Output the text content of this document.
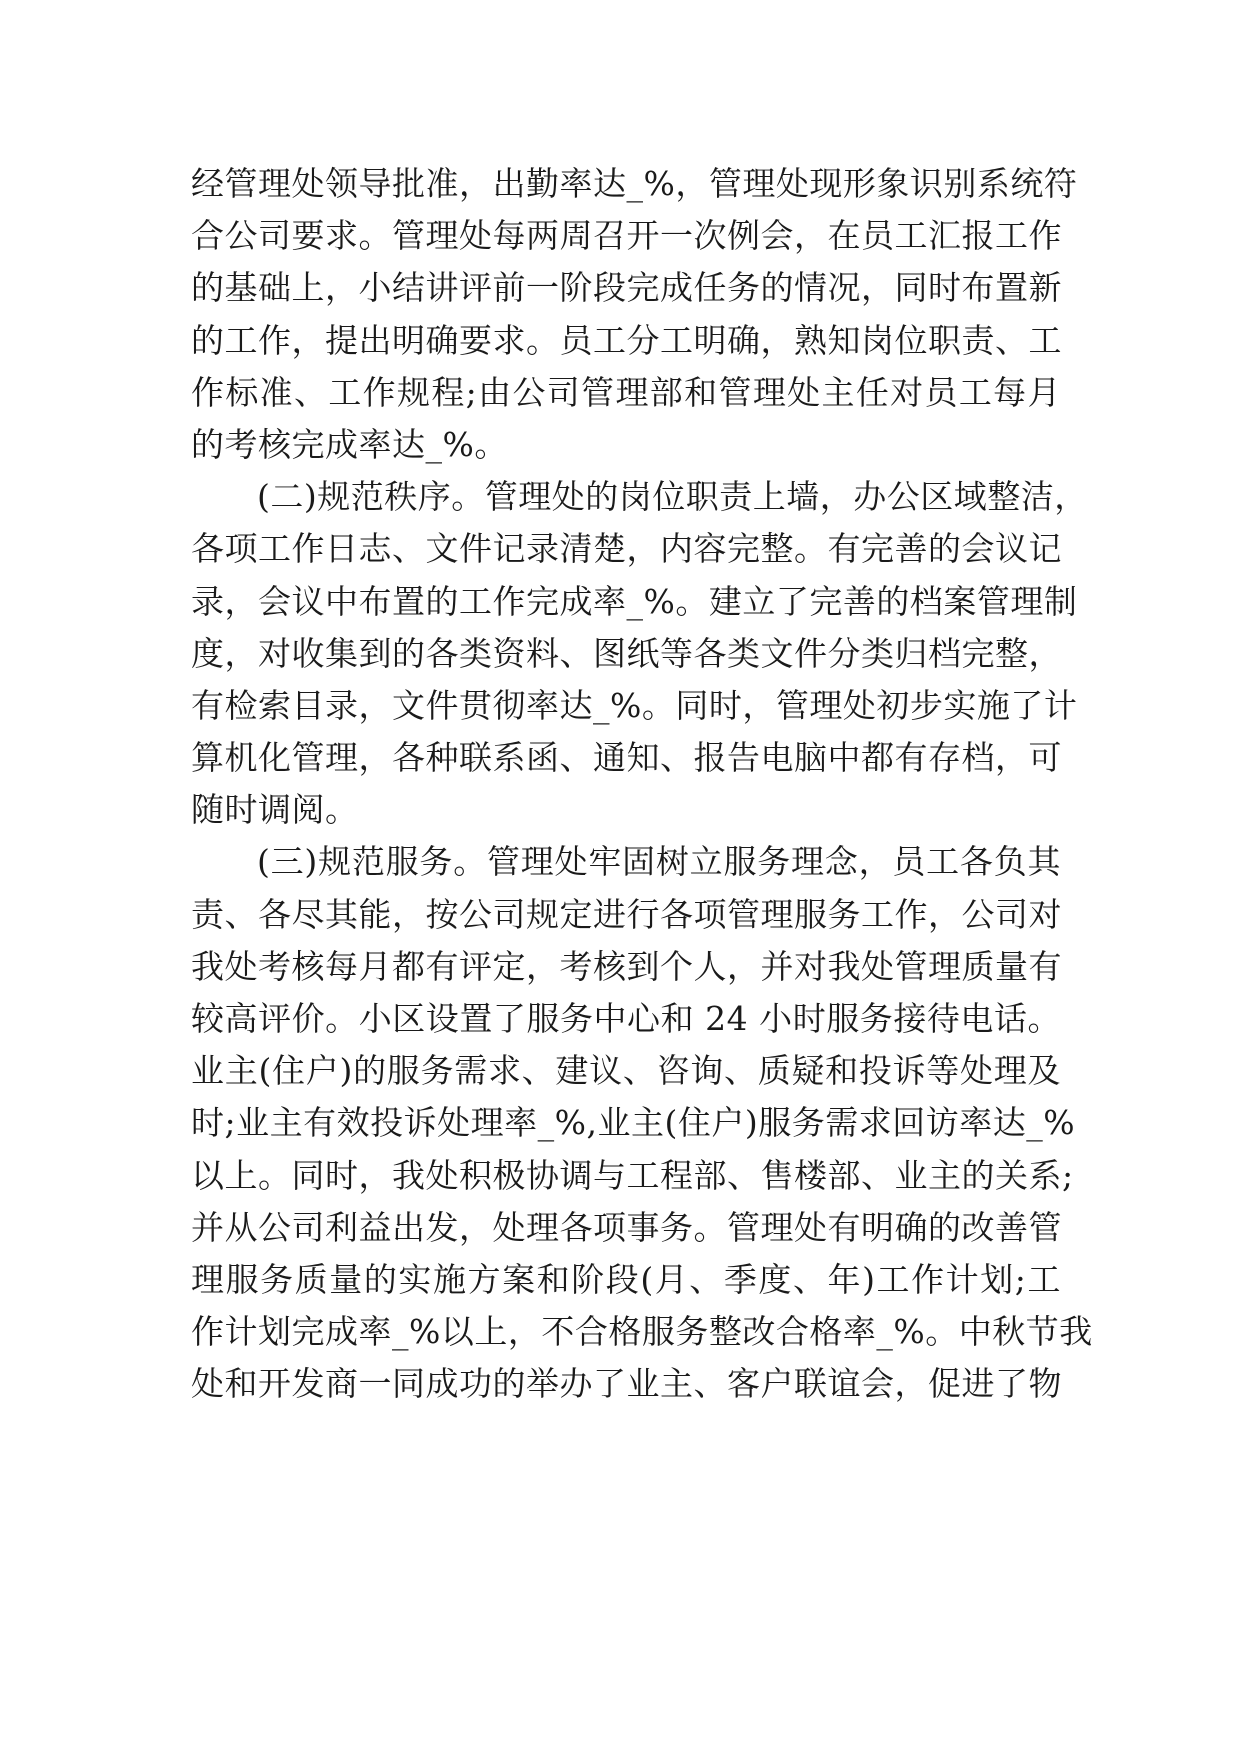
经管理处领导批准，出勤率达_%，管理处现形象识别系统符
合公司要求。管理处每两周召开一次例会，在员工汇报工作
的基础上，小结讲评前一阶段完成任务的情况，同时布置新
的工作，提出明确要求。员工分工明确，熟知岗位职责、工
作标准、工作规程;由公司管理部和管理处主任对员工每月
的考核完成率达_%。
(二)规范秩序。管理处的岗位职责上墙，办公区域整洁，
各项工作日志、文件记录清楚，内容完整。有完善的会议记
录，会议中布置的工作完成率_%。建立了完善的档案管理制
度，对收集到的各类资料、图纸等各类文件分类归档完整，
有检索目录，文件贯彻率达_%。同时，管理处初步实施了计
算机化管理，各种联系函、通知、报告电脑中都有存档，可
随时调阅。
(三)规范服务。管理处牢固树立服务理念，员工各负其
责、各尽其能，按公司规定进行各项管理服务工作，公司对
我处考核每月都有评定，考核到个人，并对我处管理质量有
较高评价。小区设置了服务中心和 24 小时服务接待电话。
业主(住户)的服务需求、建议、咨询、质疑和投诉等处理及
时;业主有效投诉处理率_%,业主(住户)服务需求回访率达_%
以上。同时，我处积极协调与工程部、售楼部、业主的关系;
并从公司利益出发，处理各项事务。管理处有明确的改善管
理服务质量的实施方案和阶段(月、季度、年)工作计划;工
作计划完成率_%以上，不合格服务整改合格率_%。中秋节我
处和开发商一同成功的举办了业主、客户联谊会，促进了物
